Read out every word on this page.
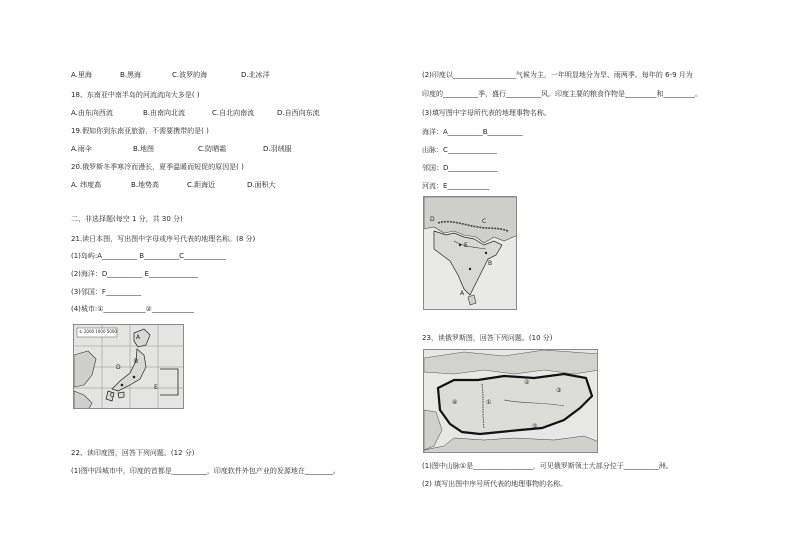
A.里海	B.黑海	C.波罗的海	D.北冰洋
18、东南亚中南半岛的河流流向大多是( )
A.由东向西流	B.由南向北流	C.自北向南流	D.自西向东流
19.假如你到东南亚旅游，不需要携带的是( )
A.雨伞	B.地图	C.防晒霜	D.羽绒服
20.俄罗斯冬季寒冷而漫长，夏季温暖而短促的原因是( )
A. 纬度高	B.地势高	C.距海近	D.面积大
二、非选择题(每空 1 分，共 30 分)
21.读日本图，写出图中字母或序号代表的地理名称。(8 分)
(1)岛屿:A__________ B__________C____________
(2)海洋：D__________ E______________
(3)邻国：F__________
(4)城市:①____________②____________
① 2000 1000 5000
D
A
B
C
E
22、读印度图，回答下列问题。(12 分)
(1)图中四城市中，印度的首都是__________，印度软件外包产业的发源地在________。
(2)印度以__________________气候为主，一年明显地分为旱、雨两季。每年的 6-9 月为
印度的__________季，盛行__________风。印度主要的粮食作物是_________和_________。
(3)填写图中字母所代表的地理事物名称。
海洋：A__________B__________
山脉：C______________
邻国：D______________
河流：E____________
D	C
E
B
A
23、读俄罗斯图，回答下列问题。(10 分)
①
②
③
④
⑤
(1)图中山脉①是_________________，可见俄罗斯领土大部分位于__________洲。
(2) 填写出图中序号所代表的地理事物的名称。
